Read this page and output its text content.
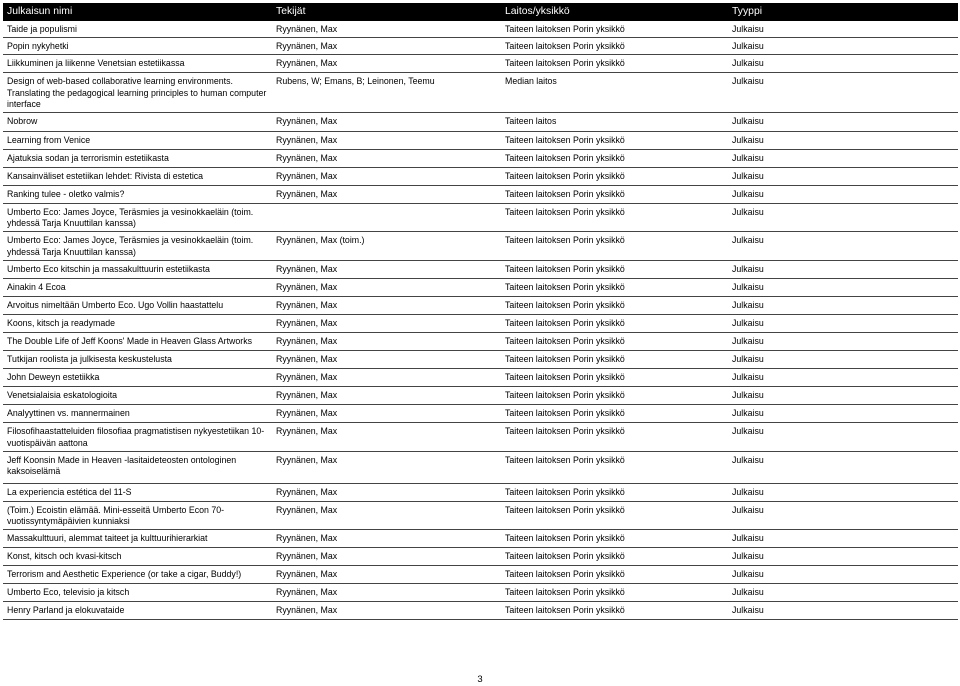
Julkaisun nimi	Tekijät	Laitos/yksikkö	Tyyppi
Taide ja populismi	Ryynänen, Max	Taiteen laitoksen Porin yksikkö	Julkaisu
Popin nykyhetki	Ryynänen, Max	Taiteen laitoksen Porin yksikkö	Julkaisu
Liikkuminen ja liikenne Venetsian estetiikassa	Ryynänen, Max	Taiteen laitoksen Porin yksikkö	Julkaisu
Design of web-based collaborative learning environments. Translating the pedagogical learning principles to human computer interface	Rubens, W; Emans, B; Leinonen, Teemu	Median laitos	Julkaisu
Nobrow	Ryynänen, Max	Taiteen laitos	Julkaisu
Learning from Venice	Ryynänen, Max	Taiteen laitoksen Porin yksikkö	Julkaisu
Ajatuksia sodan ja terrorismin estetiikasta	Ryynänen, Max	Taiteen laitoksen Porin yksikkö	Julkaisu
Kansainväliset estetiikan lehdet: Rivista di estetica	Ryynänen, Max	Taiteen laitoksen Porin yksikkö	Julkaisu
Ranking tulee - oletko valmis?	Ryynänen, Max	Taiteen laitoksen Porin yksikkö	Julkaisu
Umberto Eco: James Joyce, Teräsmies ja vesinokkaeläin (toim. yhdessä Tarja Knuuttilan kanssa)		Taiteen laitoksen Porin yksikkö	Julkaisu
Umberto Eco: James Joyce, Teräsmies ja vesinokkaeläin (toim. yhdessä Tarja Knuuttilan kanssa)	Ryynänen, Max (toim.)	Taiteen laitoksen Porin yksikkö	Julkaisu
Umberto Eco kitschin ja massakulttuurin estetiikasta	Ryynänen, Max	Taiteen laitoksen Porin yksikkö	Julkaisu
Ainakin 4 Ecoa	Ryynänen, Max	Taiteen laitoksen Porin yksikkö	Julkaisu
Arvoitus nimeltään Umberto Eco. Ugo Vollin haastattelu	Ryynänen, Max	Taiteen laitoksen Porin yksikkö	Julkaisu
Koons, kitsch ja readymade	Ryynänen, Max	Taiteen laitoksen Porin yksikkö	Julkaisu
The Double Life of Jeff Koons' Made in Heaven Glass Artworks	Ryynänen, Max	Taiteen laitoksen Porin yksikkö	Julkaisu
Tutkijan roolista ja julkisesta keskustelusta	Ryynänen, Max	Taiteen laitoksen Porin yksikkö	Julkaisu
John Deweyn estetiikka	Ryynänen, Max	Taiteen laitoksen Porin yksikkö	Julkaisu
Venetsialaisia eskatologioita	Ryynänen, Max	Taiteen laitoksen Porin yksikkö	Julkaisu
Analyyttinen vs. mannermainen	Ryynänen, Max	Taiteen laitoksen Porin yksikkö	Julkaisu
Filosofihaastatteluiden filosofiaa pragmatistisen nykyestetiikan 10-vuotispäivän aattona	Ryynänen, Max	Taiteen laitoksen Porin yksikkö	Julkaisu
Jeff Koonsin Made in Heaven -lasitaideteosten ontologinen kaksoiselämä	Ryynänen, Max	Taiteen laitoksen Porin yksikkö	Julkaisu
La experiencia estética del 11-S	Ryynänen, Max	Taiteen laitoksen Porin yksikkö	Julkaisu
(Toim.) Ecoistin elämää. Mini-esseitä Umberto Econ 70-vuotissyntymäpäivien kunniaksi	Ryynänen, Max	Taiteen laitoksen Porin yksikkö	Julkaisu
Massakulttuuri, alemmat taiteet ja kulttuurihierarkiat	Ryynänen, Max	Taiteen laitoksen Porin yksikkö	Julkaisu
Konst, kitsch och kvasi-kitsch	Ryynänen, Max	Taiteen laitoksen Porin yksikkö	Julkaisu
Terrorism and Aesthetic Experience (or take a cigar, Buddy!)	Ryynänen, Max	Taiteen laitoksen Porin yksikkö	Julkaisu
Umberto Eco, televisio ja kitsch	Ryynänen, Max	Taiteen laitoksen Porin yksikkö	Julkaisu
Henry Parland ja elokuvataide	Ryynänen, Max	Taiteen laitoksen Porin yksikkö	Julkaisu
3
